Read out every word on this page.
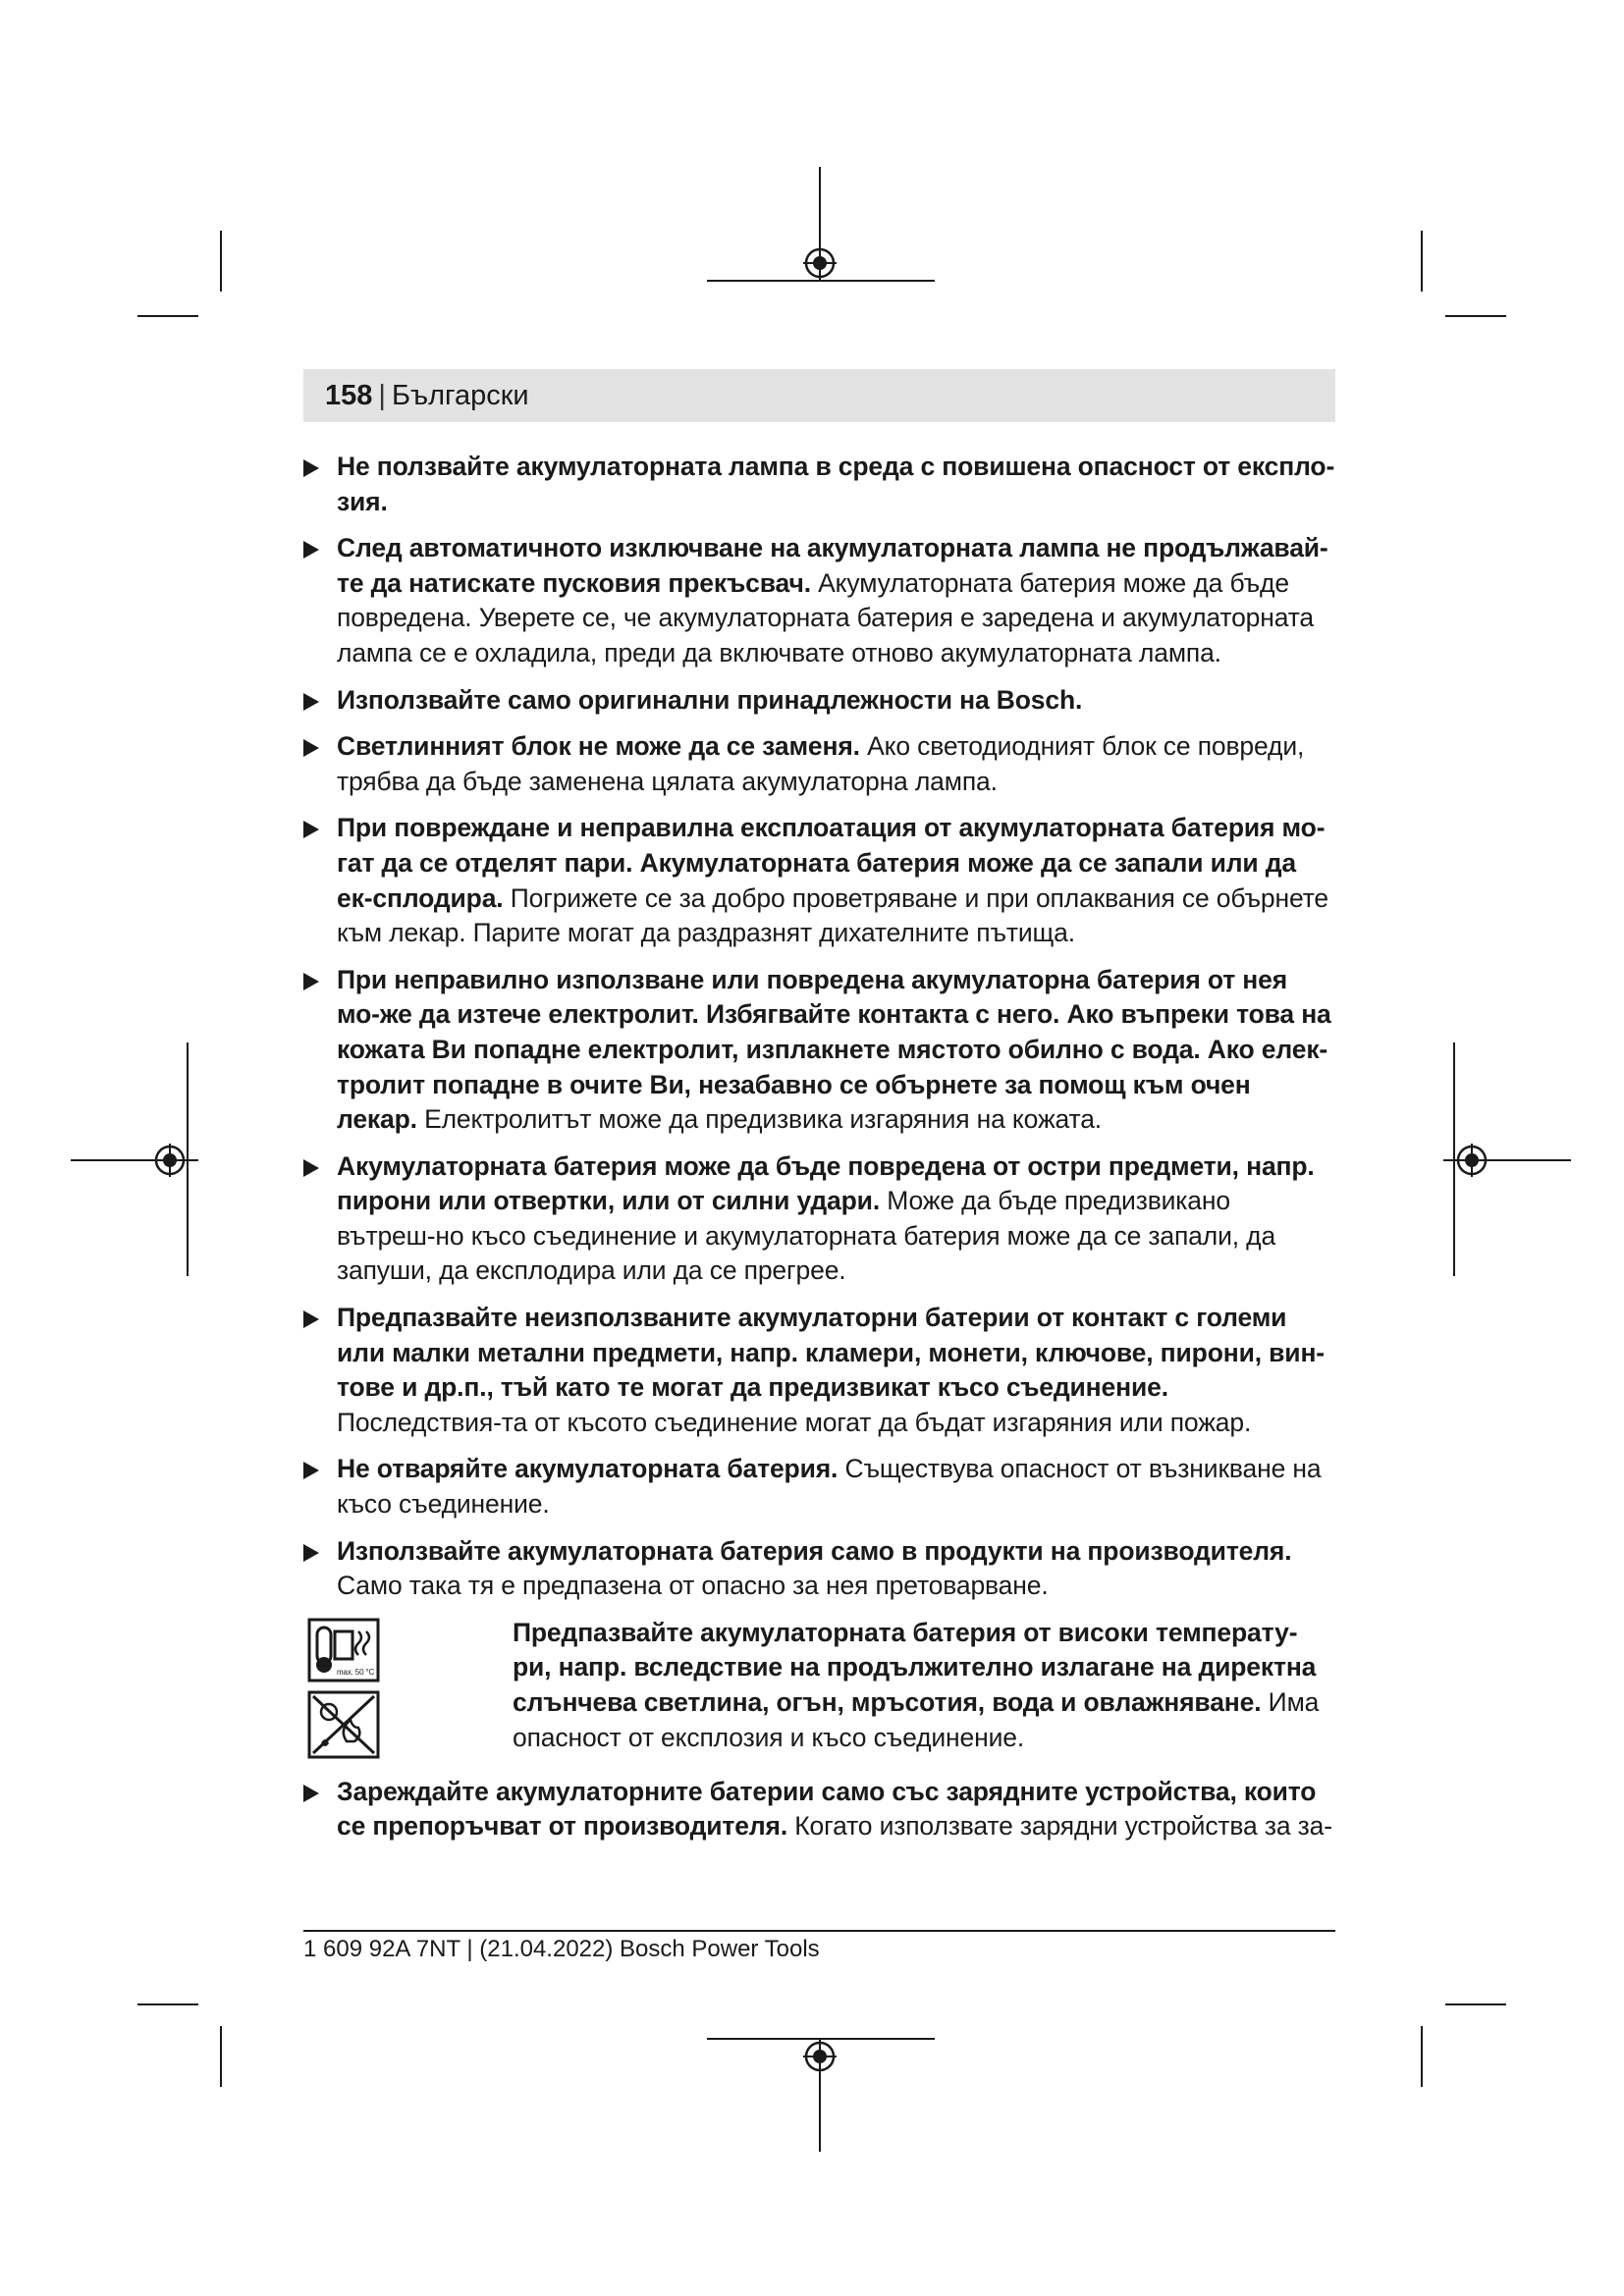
158 | Български
Не ползвайте акумулаторната лампа в среда с повишена опасност от експло-зия.
След автоматичното изключване на акумулаторната лампа не продължавай-те да натискате пусковия прекъсвач. Акумулаторната батерия може да бъде повредена. Уверете се, че акумулаторната батерия е заредена и акумулаторната лампа се е охладила, преди да включвате отново акумулаторната лампа.
Използвайте само оригинални принадлежности на Bosch.
Светлинният блок не може да се заменя. Ако светодиодният блок се повреди, трябва да бъде заменена цялата акумулаторна лампа.
При повреждане и неправилна експлоатация от акумулаторната батерия мо-гат да се отделят пари. Акумулаторната батерия може да се запали или да ек-сплодира. Погрижете се за добро проветряване и при оплаквания се обърнете към лекар. Парите могат да раздразнят дихателните пътища.
При неправилно използване или повредена акумулаторна батерия от нея мо-же да изтече електролит. Избягвайте контакта с него. Ако въпреки това на кожата Ви попадне електролит, изплакнете мястото обилно с вода. Ако елек-тролит попадне в очите Ви, незабавно се обърнете за помощ към очен лекар. Електролитът може да предизвика изгаряния на кожата.
Акумулаторната батерия може да бъде повредена от остри предмети, напр. пирони или отвертки, или от силни удари. Може да бъде предизвикано вътреш-но късо съединение и акумулаторната батерия може да се запали, да запуши, да експлодира или да се прегрее.
Предпазвайте неизползваните акумулаторни батерии от контакт с големи или малки метални предмети, напр. кламери, монети, ключове, пирони, вин-тове и др.п., тъй като те могат да предизвикат късо съединение. Последствия-та от късото съединение могат да бъдат изгаряния или пожар.
Не отваряйте акумулаторната батерия. Съществува опасност от възникване на късо съединение.
Използвайте акумулаторната батерия само в продукти на производителя. Само така тя е предпазена от опасно за нея претоварване.
max. 50 °C
Предпазвайте акумулаторната батерия от високи температу-ри, напр. вследствие на продължително излагане на директна слънчева светлина, огън, мръсотия, вода и овлажняване. Има опасност от експлозия и късо съединение.
Зареждайте акумулаторните батерии само със зарядните устройства, които се препоръчват от производителя. Когато използвате зарядни устройства за за-
1 609 92A 7NT | (21.04.2022) Bosch Power Tools
